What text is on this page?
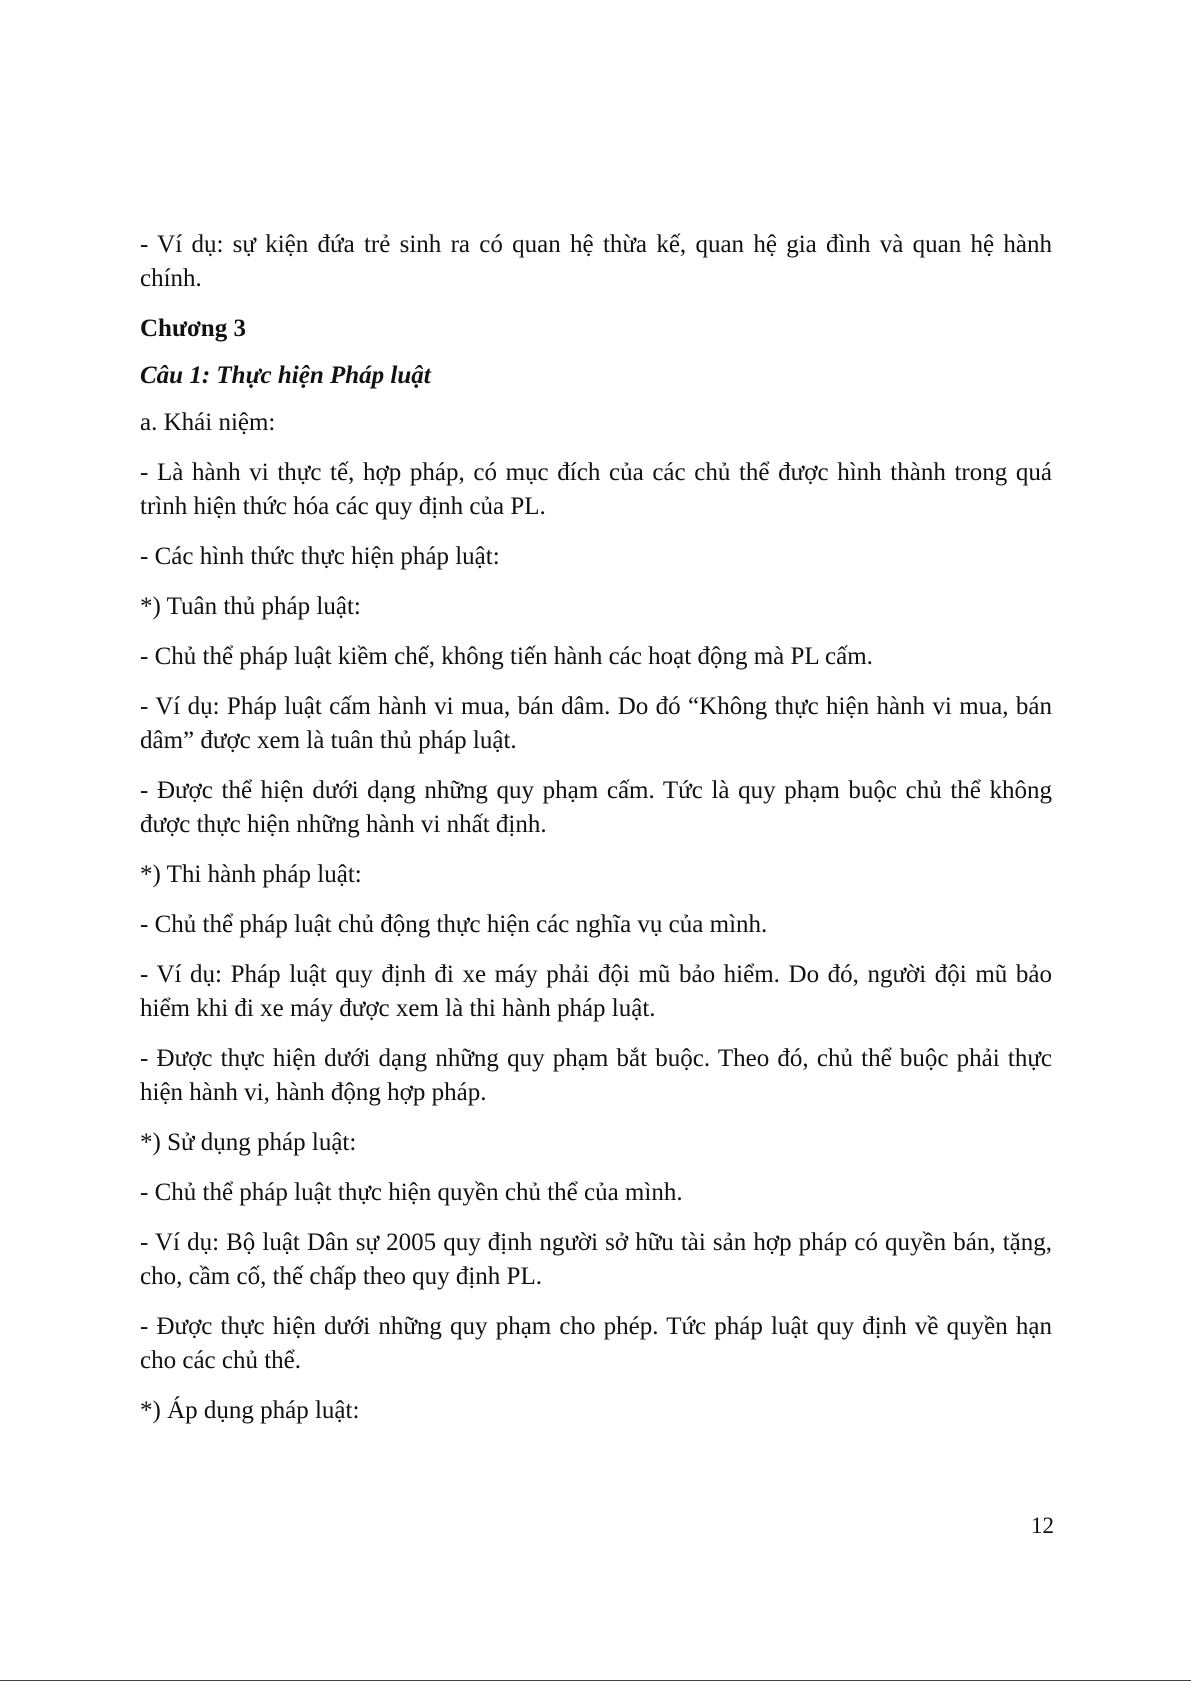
- Ví dụ: sự kiện đứa trẻ sinh ra có quan hệ thừa kế, quan hệ gia đình và quan hệ hành chính.

Chương 3

Câu 1: Thực hiện Pháp luật

a. Khái niệm:

- Là hành vi thực tế, hợp pháp, có mục đích của các chủ thể được hình thành trong quá trình hiện thức hóa các quy định của PL.

- Các hình thức thực hiện pháp luật:

*) Tuân thủ pháp luật:

- Chủ thể pháp luật kiềm chế, không tiến hành các hoạt động mà PL cấm.

- Ví dụ: Pháp luật cấm hành vi mua, bán dâm. Do đó “Không thực hiện hành vi mua, bán dâm” được xem là tuân thủ pháp luật.

- Được thể hiện dưới dạng những quy phạm cấm. Tức là quy phạm buộc chủ thể không được thực hiện những hành vi nhất định.

*) Thi hành pháp luật:

- Chủ thể pháp luật chủ động thực hiện các nghĩa vụ của mình.

- Ví dụ: Pháp luật quy định đi xe máy phải đội mũ bảo hiểm. Do đó, người đội mũ bảo hiểm khi đi xe máy được xem là thi hành pháp luật.

- Được thực hiện dưới dạng những quy phạm bắt buộc. Theo đó, chủ thể buộc phải thực hiện hành vi, hành động hợp pháp.

*) Sử dụng pháp luật:

- Chủ thể pháp luật thực hiện quyền chủ thể của mình.

- Ví dụ: Bộ luật Dân sự 2005 quy định người sở hữu tài sản hợp pháp có quyền bán, tặng, cho, cầm cố, thế chấp theo quy định PL.

- Được thực hiện dưới những quy phạm cho phép. Tức pháp luật quy định về quyền hạn cho các chủ thể.

*) Áp dụng pháp luật:

12
